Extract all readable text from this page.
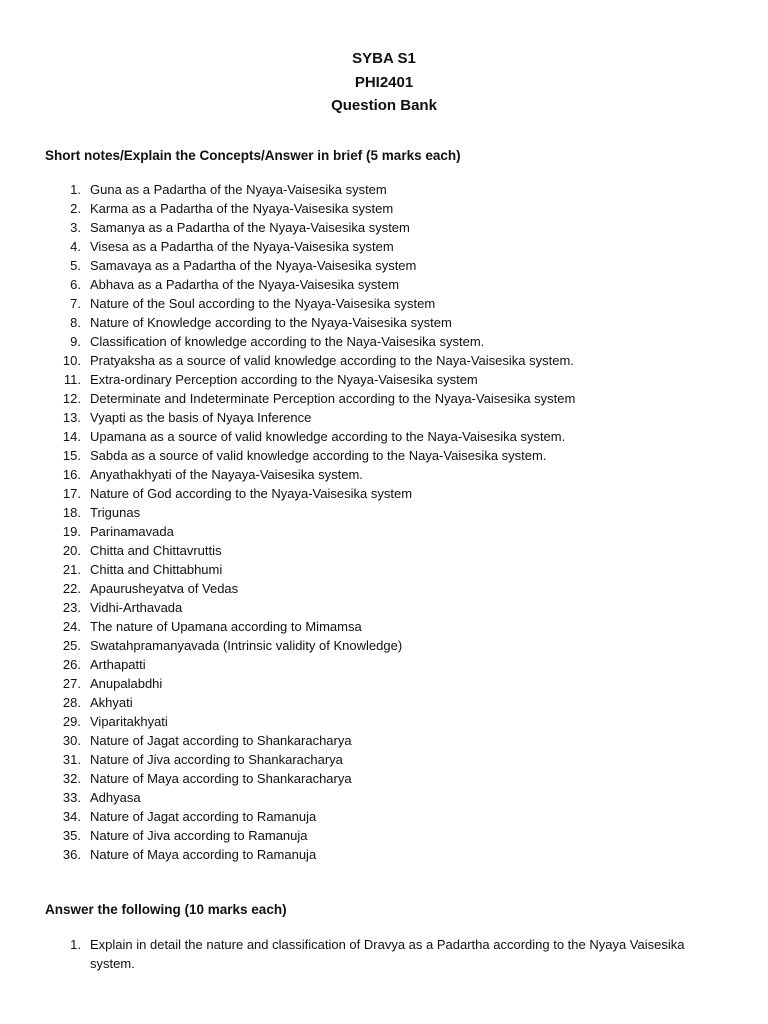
SYBA S1
PHI2401
Question Bank
Short notes/Explain the Concepts/Answer in brief (5 marks each)
1. Guna as a Padartha of the Nyaya-Vaisesika system
2. Karma as a Padartha of the Nyaya-Vaisesika system
3. Samanya as a Padartha of the Nyaya-Vaisesika system
4. Visesa as a Padartha of the Nyaya-Vaisesika system
5. Samavaya as a Padartha of the Nyaya-Vaisesika system
6. Abhava as a Padartha of the Nyaya-Vaisesika system
7. Nature of the Soul according to the Nyaya-Vaisesika system
8. Nature of Knowledge according to the Nyaya-Vaisesika system
9. Classification of knowledge according to the Naya-Vaisesika system.
10. Pratyaksha as a source of valid knowledge according to the Naya-Vaisesika system.
11. Extra-ordinary Perception according to the Nyaya-Vaisesika system
12. Determinate and Indeterminate Perception according to the Nyaya-Vaisesika system
13. Vyapti as the basis of Nyaya Inference
14. Upamana as a source of valid knowledge according to the Naya-Vaisesika system.
15. Sabda as a source of valid knowledge according to the Naya-Vaisesika system.
16. Anyathakhyati of the Nayaya-Vaisesika system.
17. Nature of God according to the Nyaya-Vaisesika system
18. Trigunas
19. Parinamavada
20. Chitta and Chittavruttis
21. Chitta and Chittabhumi
22. Apaurusheyatva of Vedas
23. Vidhi-Arthavada
24. The nature of Upamana according to Mimamsa
25. Swatahpramanyavada (Intrinsic validity of Knowledge)
26. Arthapatti
27. Anupalabdhi
28. Akhyati
29. Viparitakhyati
30. Nature of Jagat according to Shankaracharya
31. Nature of Jiva according to Shankaracharya
32. Nature of Maya according to Shankaracharya
33. Adhyasa
34. Nature of Jagat according to Ramanuja
35. Nature of Jiva according to Ramanuja
36. Nature of Maya according to Ramanuja
Answer the following (10 marks each)
1. Explain in detail the nature and classification of Dravya as a Padartha according to the Nyaya Vaisesika system.
